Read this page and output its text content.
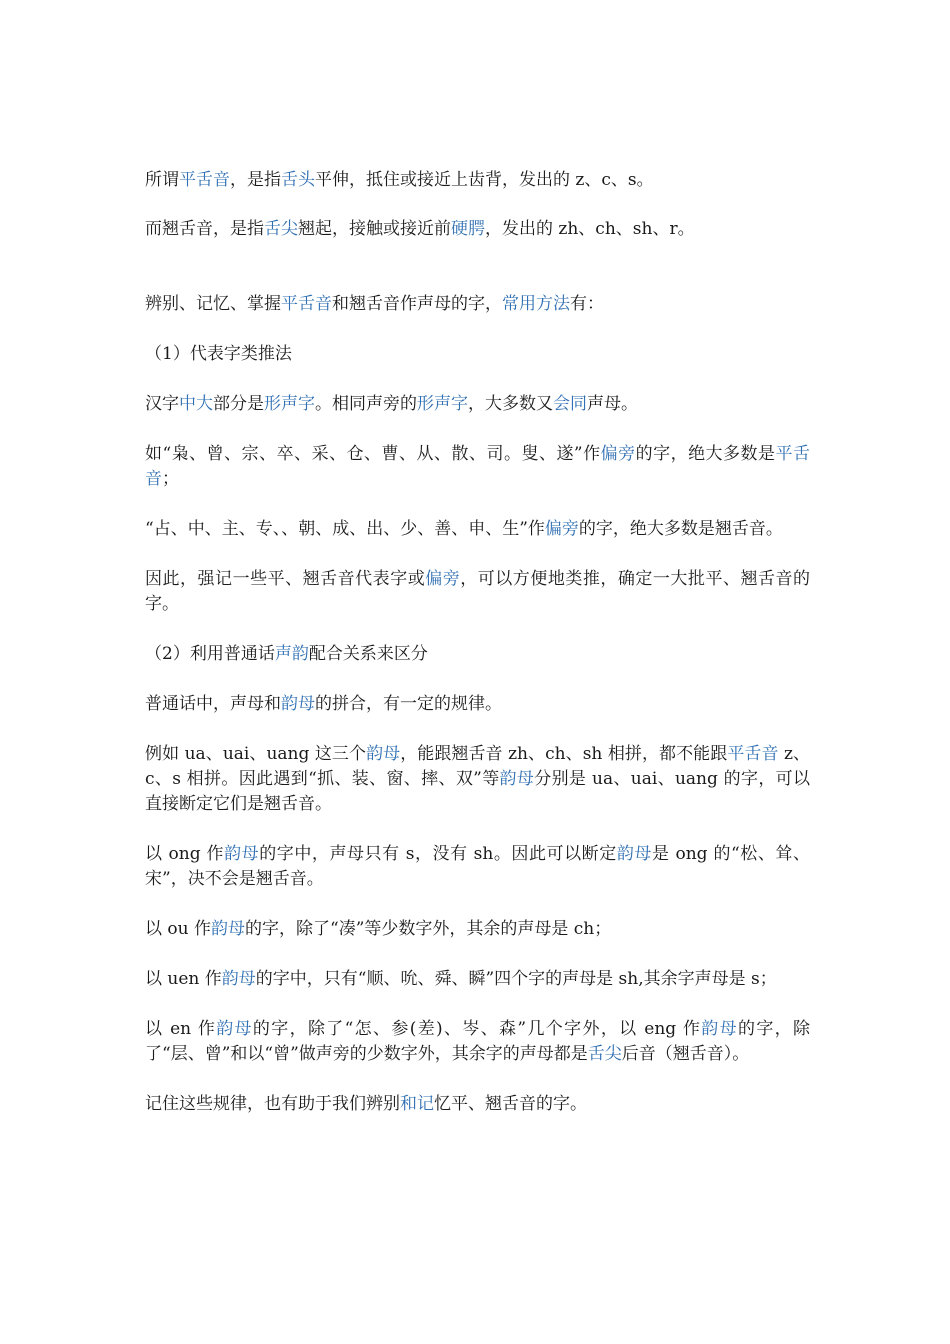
所谓平舌音，是指舌头平伸，抵住或接近上齿背，发出的 z、c、s。

而翘舌音，是指舌尖翘起，接触或接近前硬腭，发出的 zh、ch、sh、r。

辨别、记忆、掌握平舌音和翘舌音作声母的字，常用方法有：

（1）代表字类推法

汉字中大部分是形声字。相同声旁的形声字，大多数又会同声母。

如“枭、曾、宗、卒、采、仓、曹、从、散、司。叟、遂”作偏旁的字，绝大多数是平舌音；

“占、中、主、专、、朝、成、出、少、善、申、生”作偏旁的字，绝大多数是翘舌音。

因此，强记一些平、翘舌音代表字或偏旁，可以方便地类推，确定一大批平、翘舌音的字。

（2）利用普通话声韵配合关系来区分

普通话中，声母和韵母的拼合，有一定的规律。

例如 ua、uai、uang 这三个韵母，能跟翘舌音 zh、ch、sh 相拼，都不能跟平舌音 z、c、s 相拼。因此遇到“抓、装、窗、摔、双”等韵母分别是 ua、uai、uang 的字，可以直接断定它们是翘舌音。

以 ong 作韵母的字中，声母只有 s，没有 sh。因此可以断定韵母是 ong 的“松、耸、宋”，决不会是翘舌音。

以 ou 作韵母的字，除了“凑”等少数字外，其余的声母是 ch；

以 uen 作韵母的字中，只有“顺、吮、舜、瞬”四个字的声母是 sh,其余字声母是 s；

以 en 作韵母的字，除了“怎、参(差)、岑、森”几个字外，以 eng 作韵母的字，除了“层、曾”和以“曾”做声旁的少数字外，其余字的声母都是舌尖后音（翘舌音）。

记住这些规律，也有助于我们辨别和记忆平、翘舌音的字。
